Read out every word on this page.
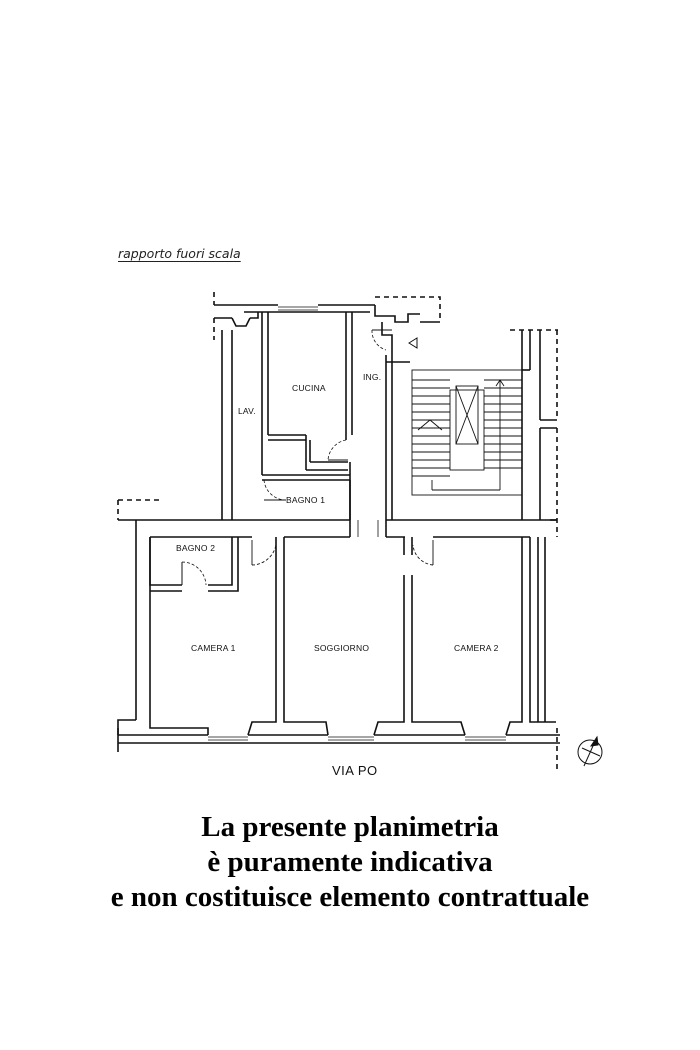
rapporto fuori scala
CUCINA
ING.
LAV.
BAGNO 1
BAGNO 2
CAMERA 1	SOGGIORNO	CAMERA 2
VIA PO
La presente planimetria
è puramente indicativa
e non costituisce elemento contrattuale
